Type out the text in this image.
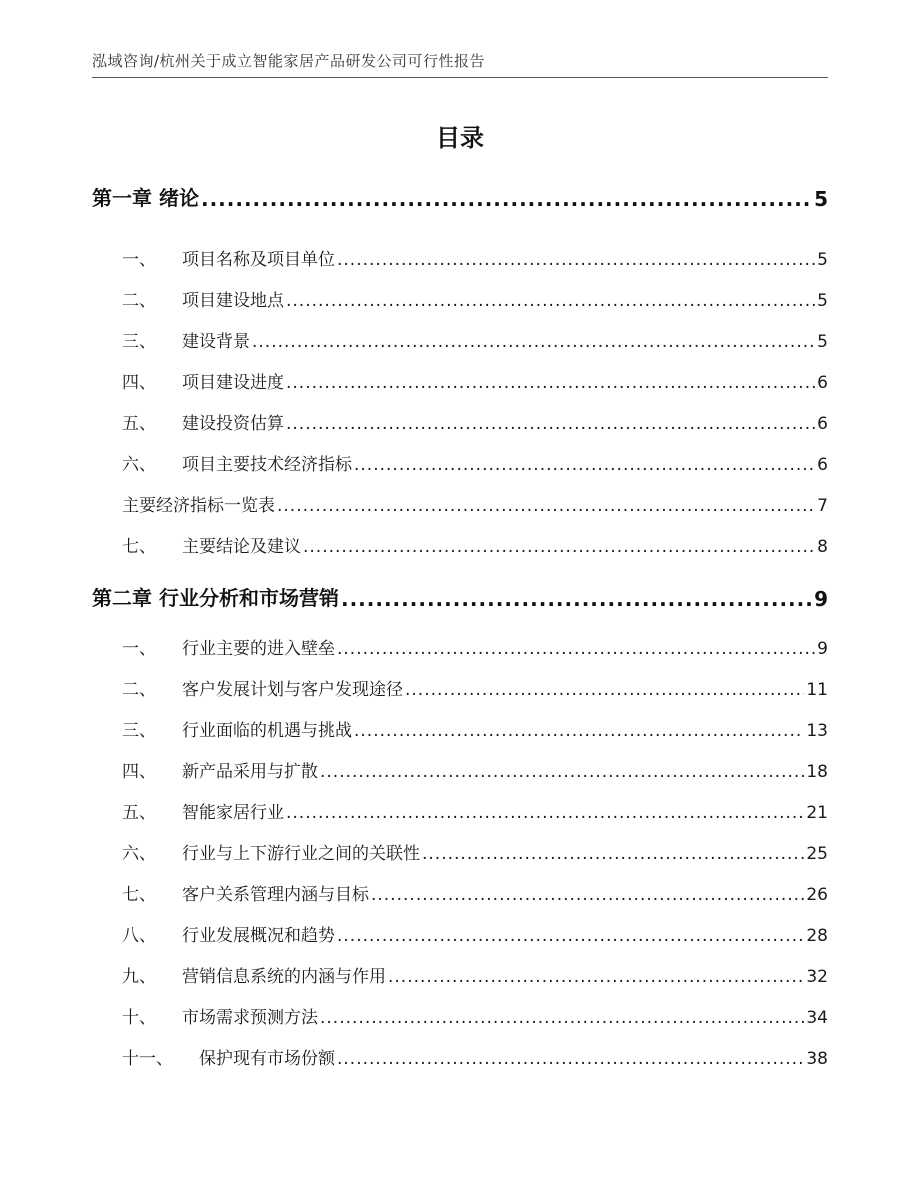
泓域咨询/杭州关于成立智能家居产品研发公司可行性报告
目录
第一章 绪论 .....	5
一、 项目名称及项目单位 .....	5
二、 项目建设地点 .....	5
三、 建设背景 .....	5
四、 项目建设进度 .....	6
五、 建设投资估算 .....	6
六、 项目主要技术经济指标 .....	6
主要经济指标一览表 .....	7
七、 主要结论及建议 .....	8
第二章 行业分析和市场营销 .....	9
一、 行业主要的进入壁垒 .....	9
二、 客户发展计划与客户发现途径 .....	11
三、 行业面临的机遇与挑战 .....	13
四、 新产品采用与扩散 .....	18
五、 智能家居行业 .....	21
六、 行业与上下游行业之间的关联性 .....	25
七、 客户关系管理内涵与目标 .....	26
八、 行业发展概况和趋势 .....	28
九、 营销信息系统的内涵与作用 .....	32
十、 市场需求预测方法 .....	34
十一、 保护现有市场份额 .....	38
